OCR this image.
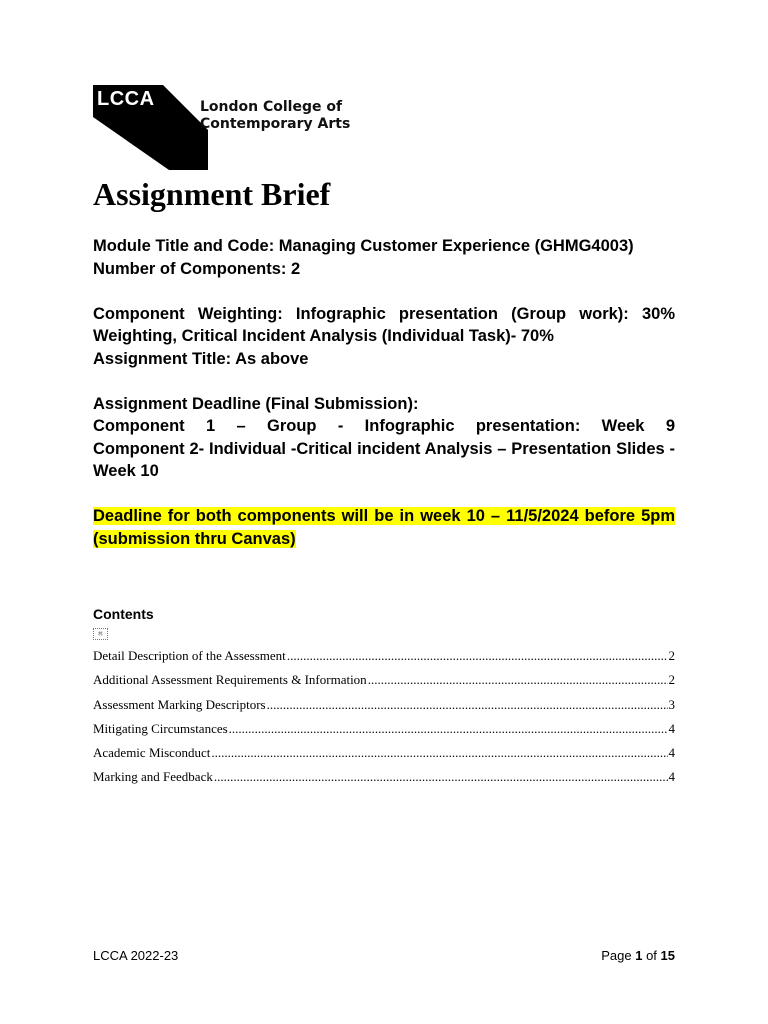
LCCA	London College of
Contemporary Arts
Assignment Brief

Module Title and Code: Managing Customer Experience (GHMG4003)

Number of Components: 2

Component Weighting: Infographic presentation (Group work): 30% Weighting, Critical Incident Analysis (Individual Task)- 70%

Assignment Title: As above

Assignment Deadline (Final Submission):

Component 1 – Group - Infographic presentation: Week 9

Component 2- Individual -Critical incident Analysis – Presentation Slides -Week 10

Deadline for both components will be in week 10 – 11/5/2024 before 5pm (submission thru Canvas)

Contents
⌘
Detail Description of the Assessment .....	2
Additional Assessment Requirements & Information .....	2
Assessment Marking Descriptors .....	3
Mitigating Circumstances .....	4
Academic Misconduct .....	4
Marking and Feedback .....	4
LCCA 2022-23	Page 1 of 15
